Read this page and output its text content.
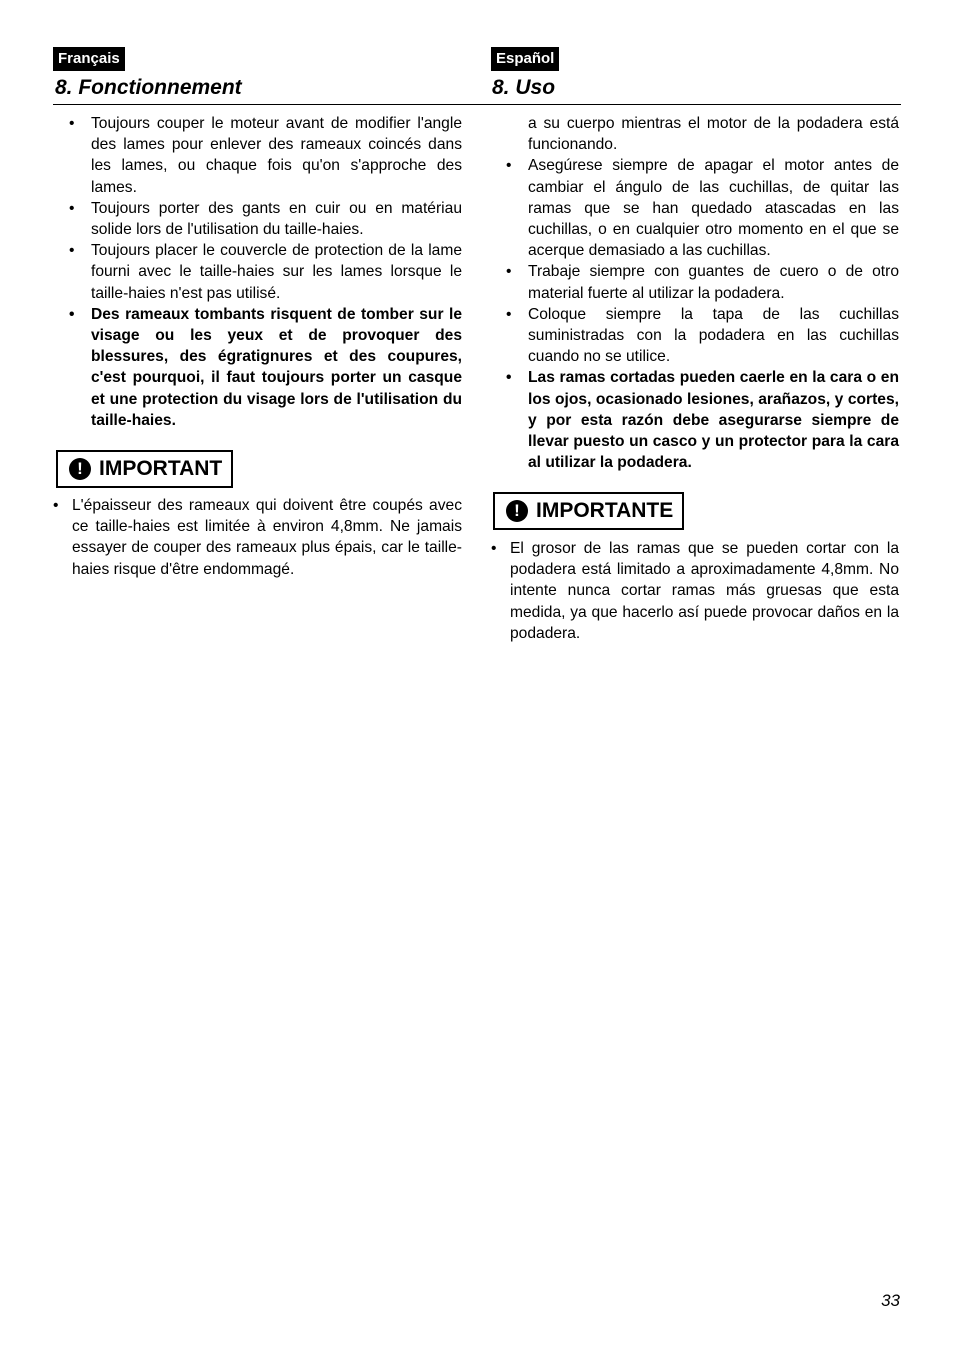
Français
8. Fonctionnement
Español
8. Uso
• Toujours couper le moteur avant de modifier l'angle des lames pour enlever des rameaux coincés dans les lames, ou chaque fois qu'on s'approche des lames.
• Toujours porter des gants en cuir ou en matériau solide lors de l'utilisation du taille-haies.
• Toujours placer le couvercle de protection de la lame fourni avec le taille-haies sur les lames lorsque le taille-haies n'est pas utilisé.
• Des rameaux tombants risquent de tomber sur le visage ou les yeux et de provoquer des blessures, des égratignures et des coupures, c'est pourquoi, il faut toujours porter un casque et une protection du visage lors de l'utilisation du taille-haies.
! IMPORTANT
• L'épaisseur des rameaux qui doivent être coupés avec ce taille-haies est limitée à environ 4,8mm. Ne jamais essayer de couper des rameaux plus épais, car le taille-haies risque d'être endommagé.
a su cuerpo mientras el motor de la podadera está funcionando.
• Asegúrese siempre de apagar el motor antes de cambiar el ángulo de las cuchillas, de quitar las ramas que se han quedado atascadas en las cuchillas, o en cualquier otro momento en el que se acerque demasiado a las cuchillas.
• Trabaje siempre con guantes de cuero o de otro material fuerte al utilizar la podadera.
• Coloque siempre la tapa de las cuchillas suministradas con la podadera en las cuchillas cuando no se utilice.
• Las ramas cortadas pueden caerle en la cara o en los ojos, ocasionado lesiones, arañazos, y cortes, y por esta razón debe asegurarse siempre de llevar puesto un casco y un protector para la cara al utilizar la podadera.
! IMPORTANTE
• El grosor de las ramas que se pueden cortar con la podadera está limitado a aproximadamente 4,8mm. No intente nunca cortar ramas más gruesas que esta medida, ya que hacerlo así puede provocar daños en la podadera.
33
